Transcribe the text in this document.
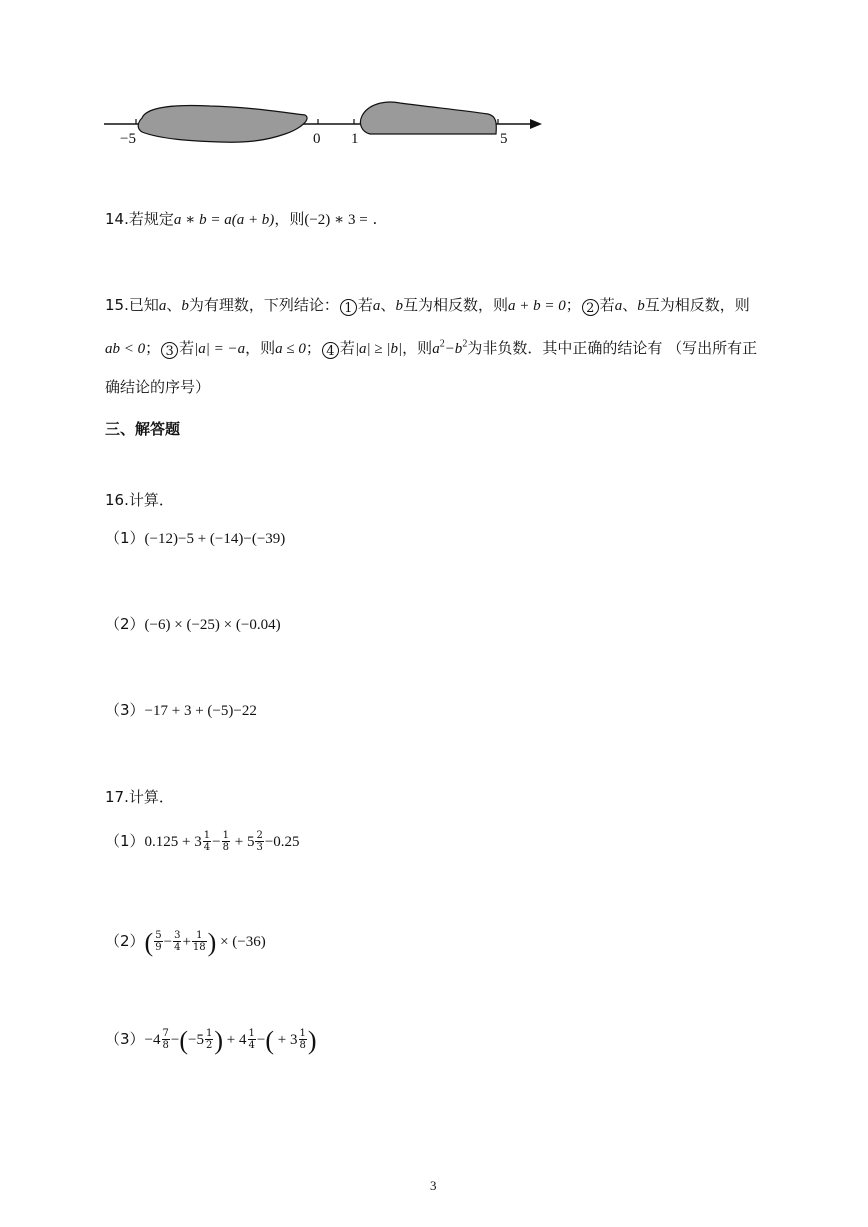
−5	0 1	5
14.若规定a ∗ b = a(a + b)，则(−2) ∗ 3 = .
15.已知a、b为有理数，下列结论： 1 若a、b互为相反数，则a + b = 0； 2 若a、b互为相反数，则
ab < 0； 3 若|a| = −a，则a ≤ 0； 4 若|a| ≥ |b|，则$a^2-b^2$为非负数．其中正确的结论有 （写出所有正
确结论的序号）
三、解答题
16.计算．
（1）(−12)−5 + (−14)−(−39)
（2）(−6) × (−25) × (−0.04)
（3）−17 + 3 + (−5)−22
17.计算．
$(1)0.125 + 3 \frac{1}{4} - \frac{1}{8} + 5 \frac{2}{3} -0.25$
$(2)( \frac{5}{9} - \frac{3}{4} + \frac{1}{18}$ ) × (−36)
$(3)-4 \frac{7}{8} -(-5 \frac{1}{2}$ ) + $4 \frac{1}{4}$ −( + $3 \frac{1}{8}$ )
3
